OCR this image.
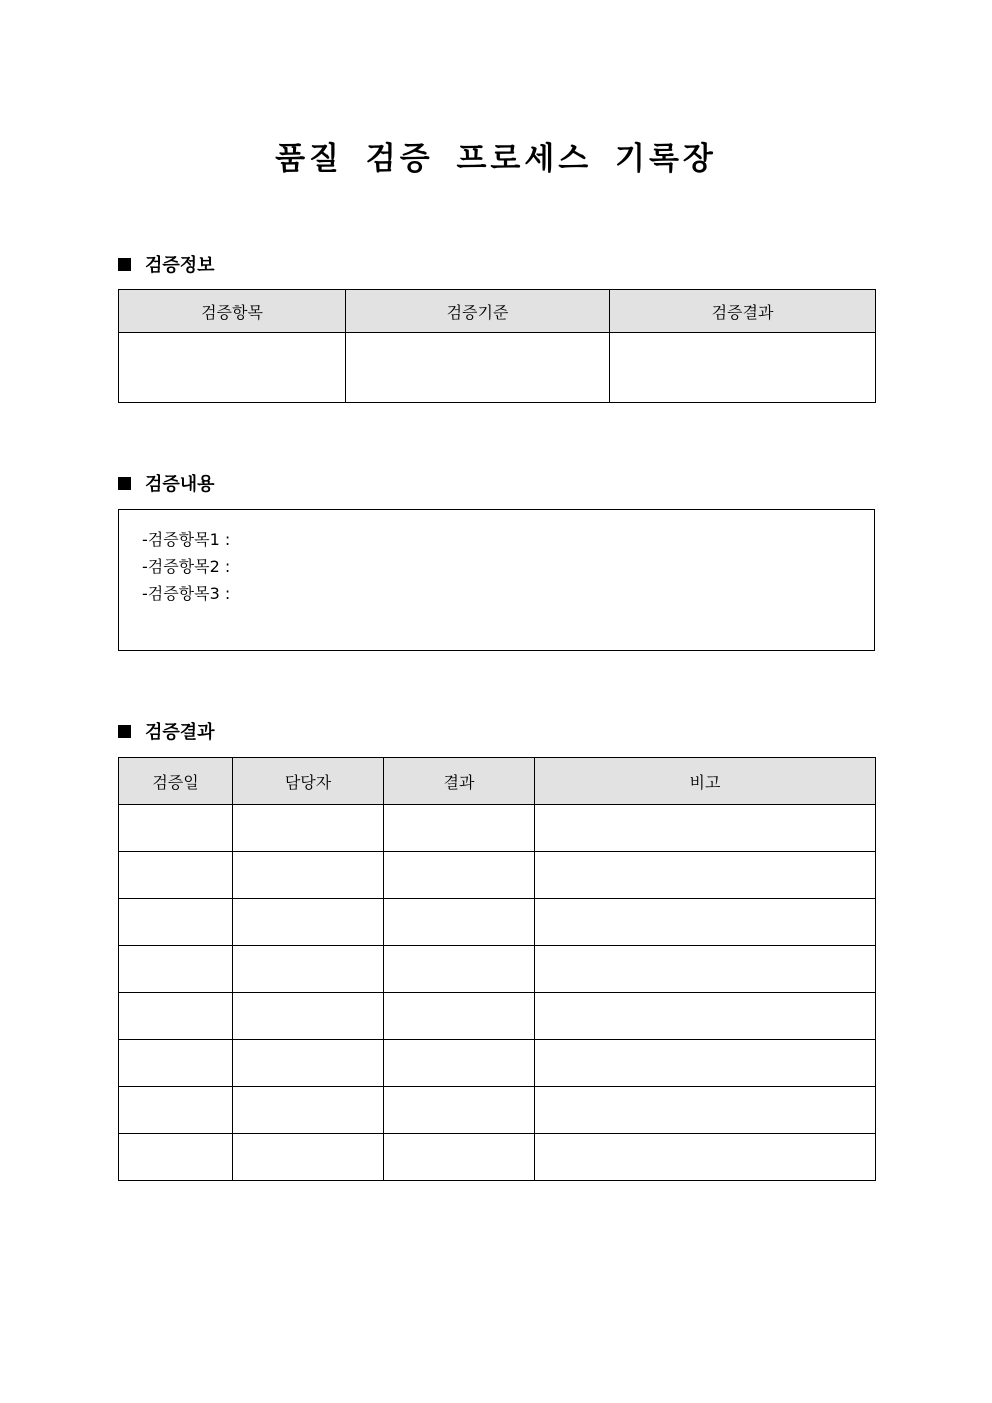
품질 검증 프로세스 기록장
검증정보
검증항목	검증기준	검증결과

검증내용
-검증항목1 :
-검증항목2 :
-검증항목3 :
검증결과
검증일	담당자	결과	비고
